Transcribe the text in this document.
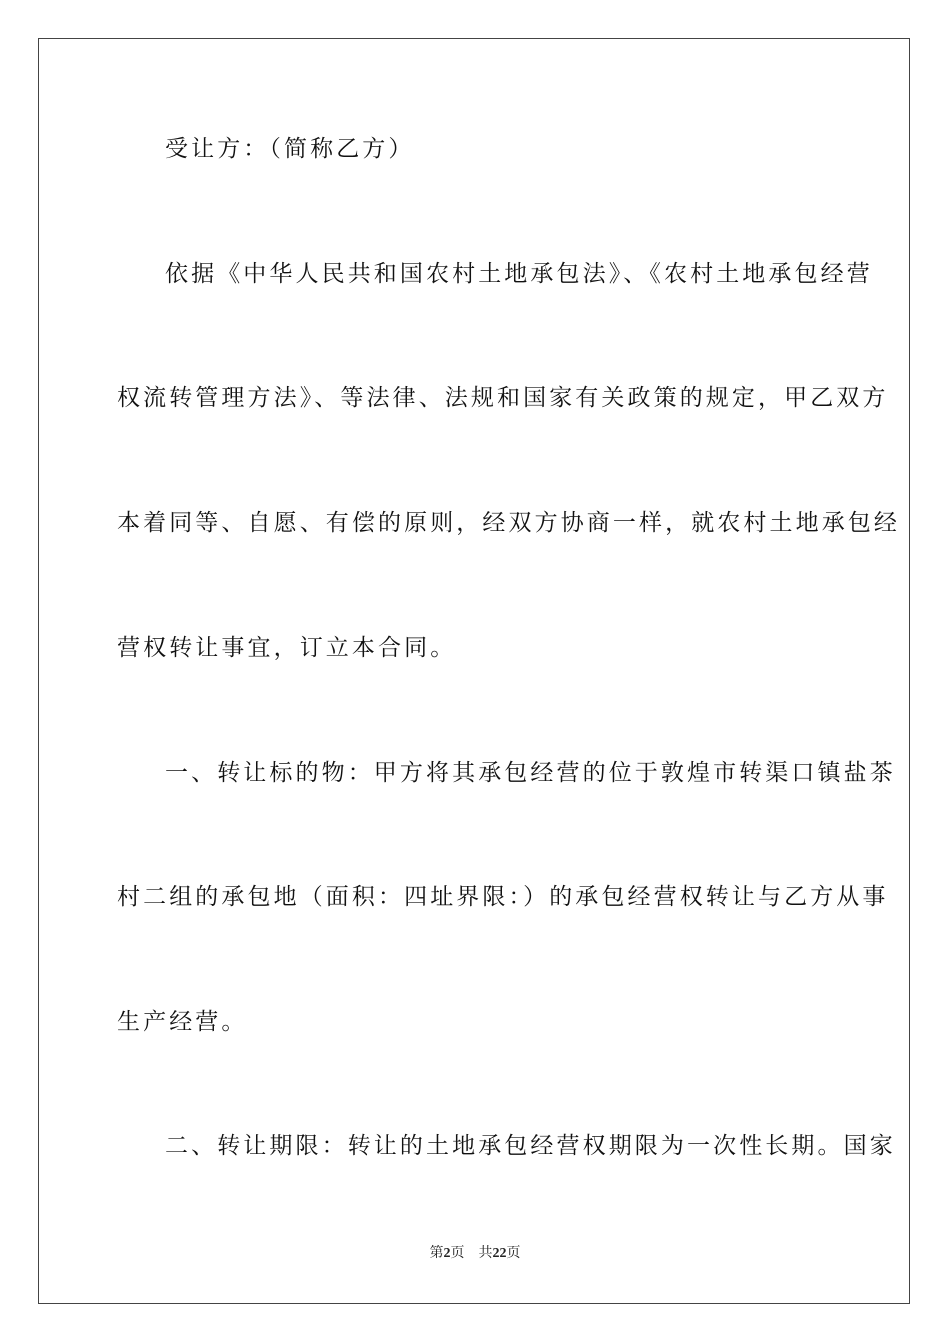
受让方：（简称乙方）
依据《中华人民共和国农村土地承包法》、《农村土地承包经营
权流转管理方法》、等法律、法规和国家有关政策的规定，甲乙双方
本着同等、自愿、有偿的原则，经双方协商一样，就农村土地承包经
营权转让事宜，订立本合同。
一、转让标的物：甲方将其承包经营的位于敦煌市转渠口镇盐茶
村二组的承包地（面积：四址界限：）的承包经营权转让与乙方从事
生产经营。
二、转让期限：转让的土地承包经营权期限为一次性长期。国家
第2页 共22页
